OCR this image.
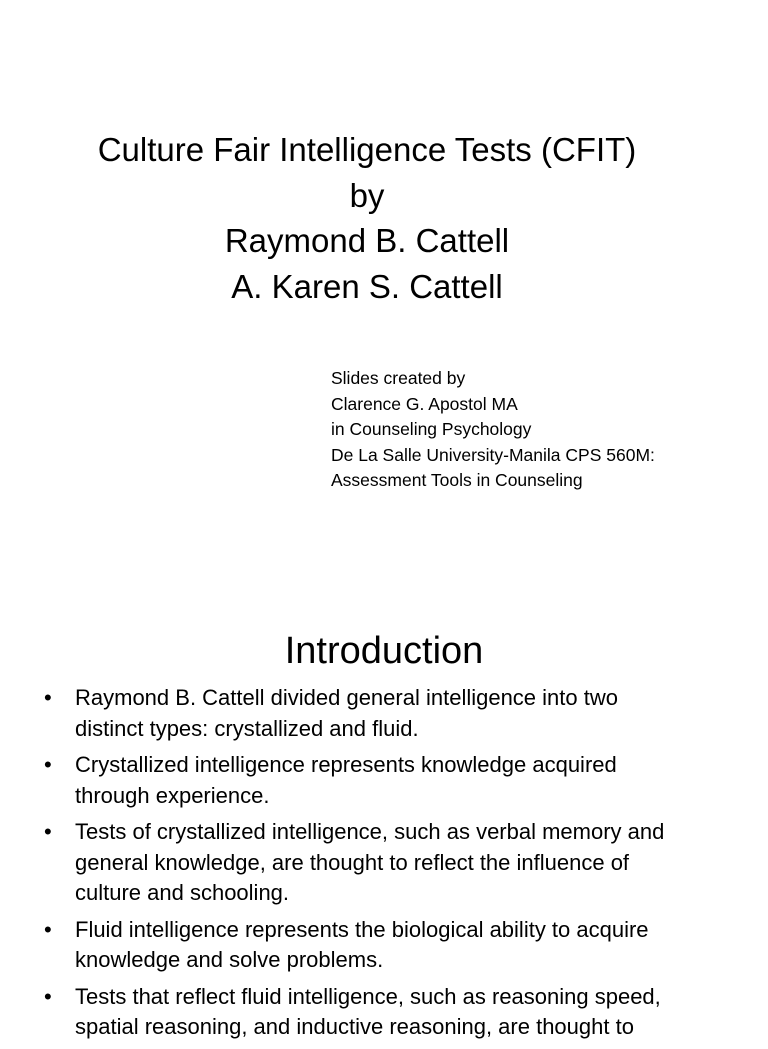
Culture Fair Intelligence Tests (CFIT)
by
Raymond B. Cattell
A. Karen S. Cattell
Slides created by
Clarence G. Apostol MA
in Counseling Psychology
De La Salle University-Manila CPS 560M:
Assessment Tools in Counseling
Introduction
• Raymond B. Cattell divided general intelligence into two
distinct types: crystallized and fluid.
• Crystallized intelligence represents knowledge acquired
through experience.
• Tests of crystallized intelligence, such as verbal memory and
general knowledge, are thought to reflect the influence of
culture and schooling.
• Fluid intelligence represents the biological ability to acquire
knowledge and solve problems.
• Tests that reflect fluid intelligence, such as reasoning speed,
spatial reasoning, and inductive reasoning, are thought to
